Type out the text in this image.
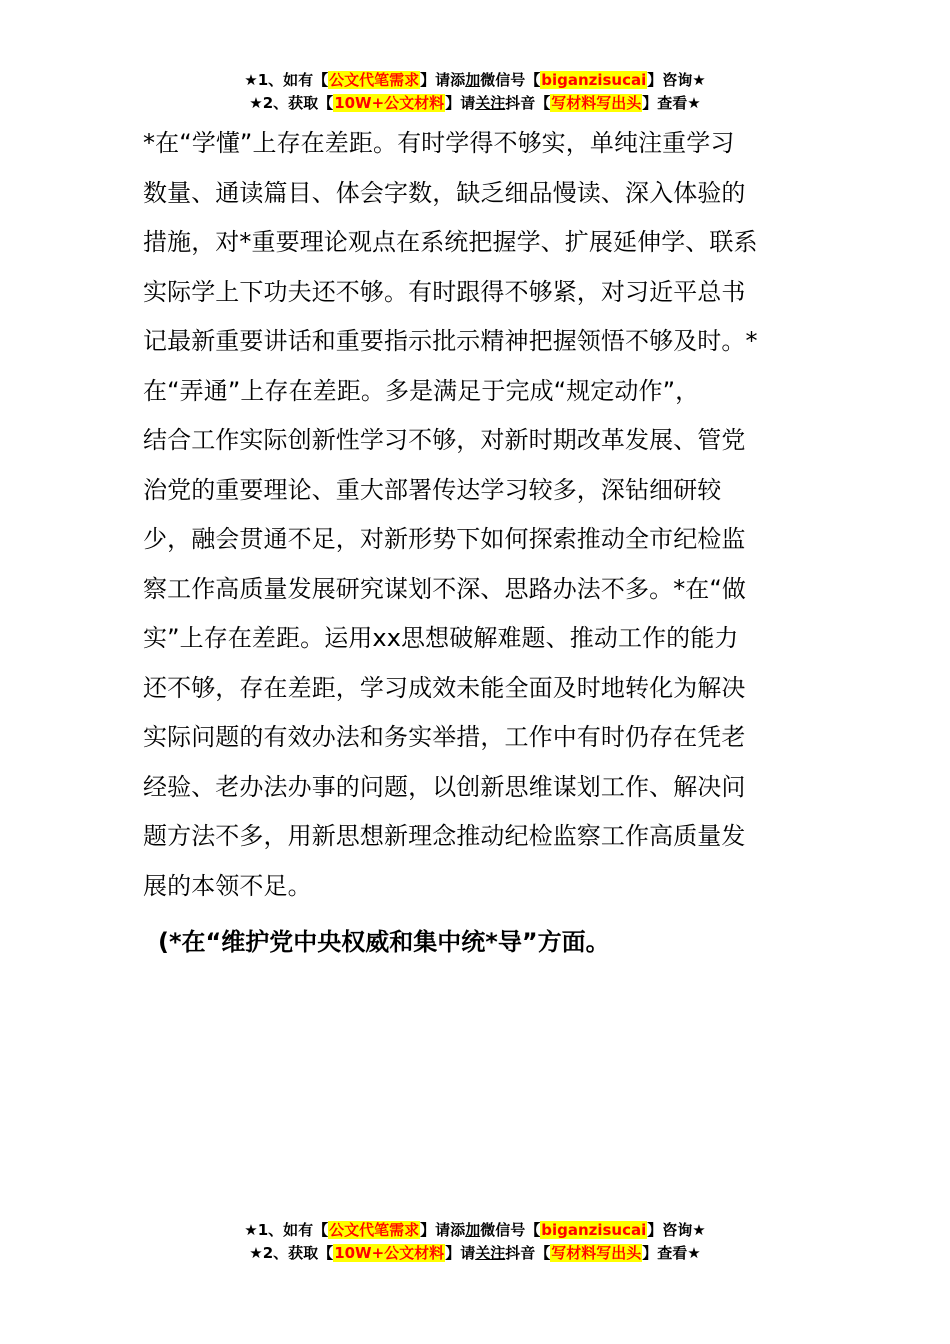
★1、如有【公文代笔需求】请添加微信号【biganzisucai】咨询★
★2、获取【10W+公文材料】请关注抖音【写材料写出头】查看★
*在“学懂”上存在差距。有时学得不够实，单纯注重学习
数量、通读篇目、体会字数，缺乏细品慢读、深入体验的
措施，对*重要理论观点在系统把握学、扩展延伸学、联系
实际学上下功夫还不够。有时跟得不够紧，对习近平总书
记最新重要讲话和重要指示批示精神把握领悟不够及时。*
在“弄通”上存在差距。多是满足于完成“规定动作”，
结合工作实际创新性学习不够，对新时期改革发展、管党
治党的重要理论、重大部署传达学习较多，深钻细研较
少，融会贯通不足，对新形势下如何探索推动全市纪检监
察工作高质量发展研究谋划不深、思路办法不多。*在“做
实”上存在差距。运用xx思想破解难题、推动工作的能力
还不够，存在差距，学习成效未能全面及时地转化为解决
实际问题的有效办法和务实举措，工作中有时仍存在凭老
经验、老办法办事的问题，以创新思维谋划工作、解决问
题方法不多，用新思想新理念推动纪检监察工作高质量发
展的本领不足。
(*在“维护党中央权威和集中统*导”方面。
★1、如有【公文代笔需求】请添加微信号【biganzisucai】咨询★
★2、获取【10W+公文材料】请关注抖音【写材料写出头】查看★
